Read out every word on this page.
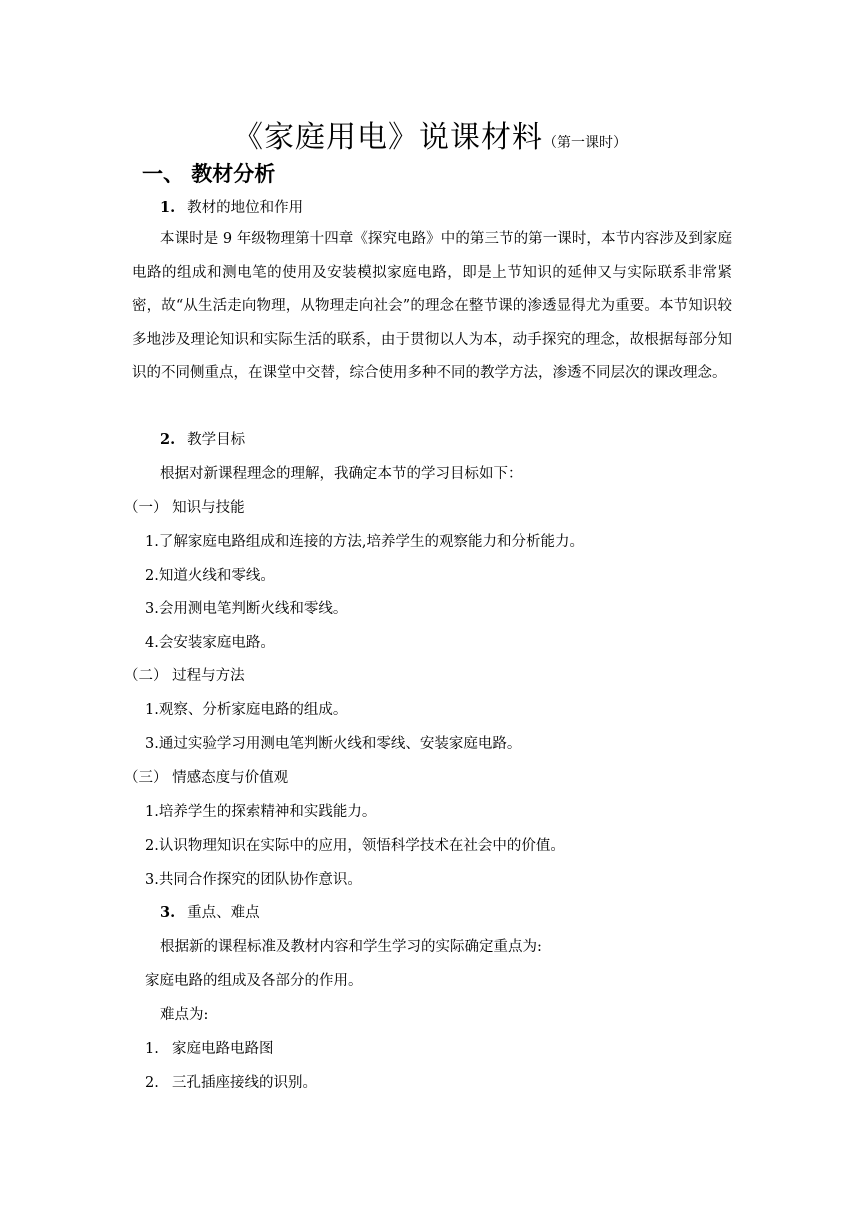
《家庭用电》说课材料（第一课时）
一、 教材分析
1. 教材的地位和作用
本课时是 9 年级物理第十四章《探究电路》中的第三节的第一课时，本节内容涉及到家庭电路的组成和测电笔的使用及安装模拟家庭电路，即是上节知识的延伸又与实际联系非常紧密，故“从生活走向物理，从物理走向社会”的理念在整节课的渗透显得尤为重要。本节知识较多地涉及理论知识和实际生活的联系，由于贯彻以人为本，动手探究的理念，故根据每部分知识的不同侧重点，在课堂中交替，综合使用多种不同的教学方法，渗透不同层次的课改理念。
2. 教学目标
根据对新课程理念的理解，我确定本节的学习目标如下：
（一） 知识与技能
1.了解家庭电路组成和连接的方法,培养学生的观察能力和分析能力。
2.知道火线和零线。
3.会用测电笔判断火线和零线。
4.会安装家庭电路。
（二） 过程与方法
1.观察、分析家庭电路的组成。
3.通过实验学习用测电笔判断火线和零线、安装家庭电路。
（三） 情感态度与价值观
1.培养学生的探索精神和实践能力。
2.认识物理知识在实际中的应用，领悟科学技术在社会中的价值。
3.共同合作探究的团队协作意识。
3. 重点、难点
根据新的课程标准及教材内容和学生学习的实际确定重点为:
家庭电路的组成及各部分的作用。
难点为:
1. 家庭电路电路图
2. 三孔插座接线的识别。
